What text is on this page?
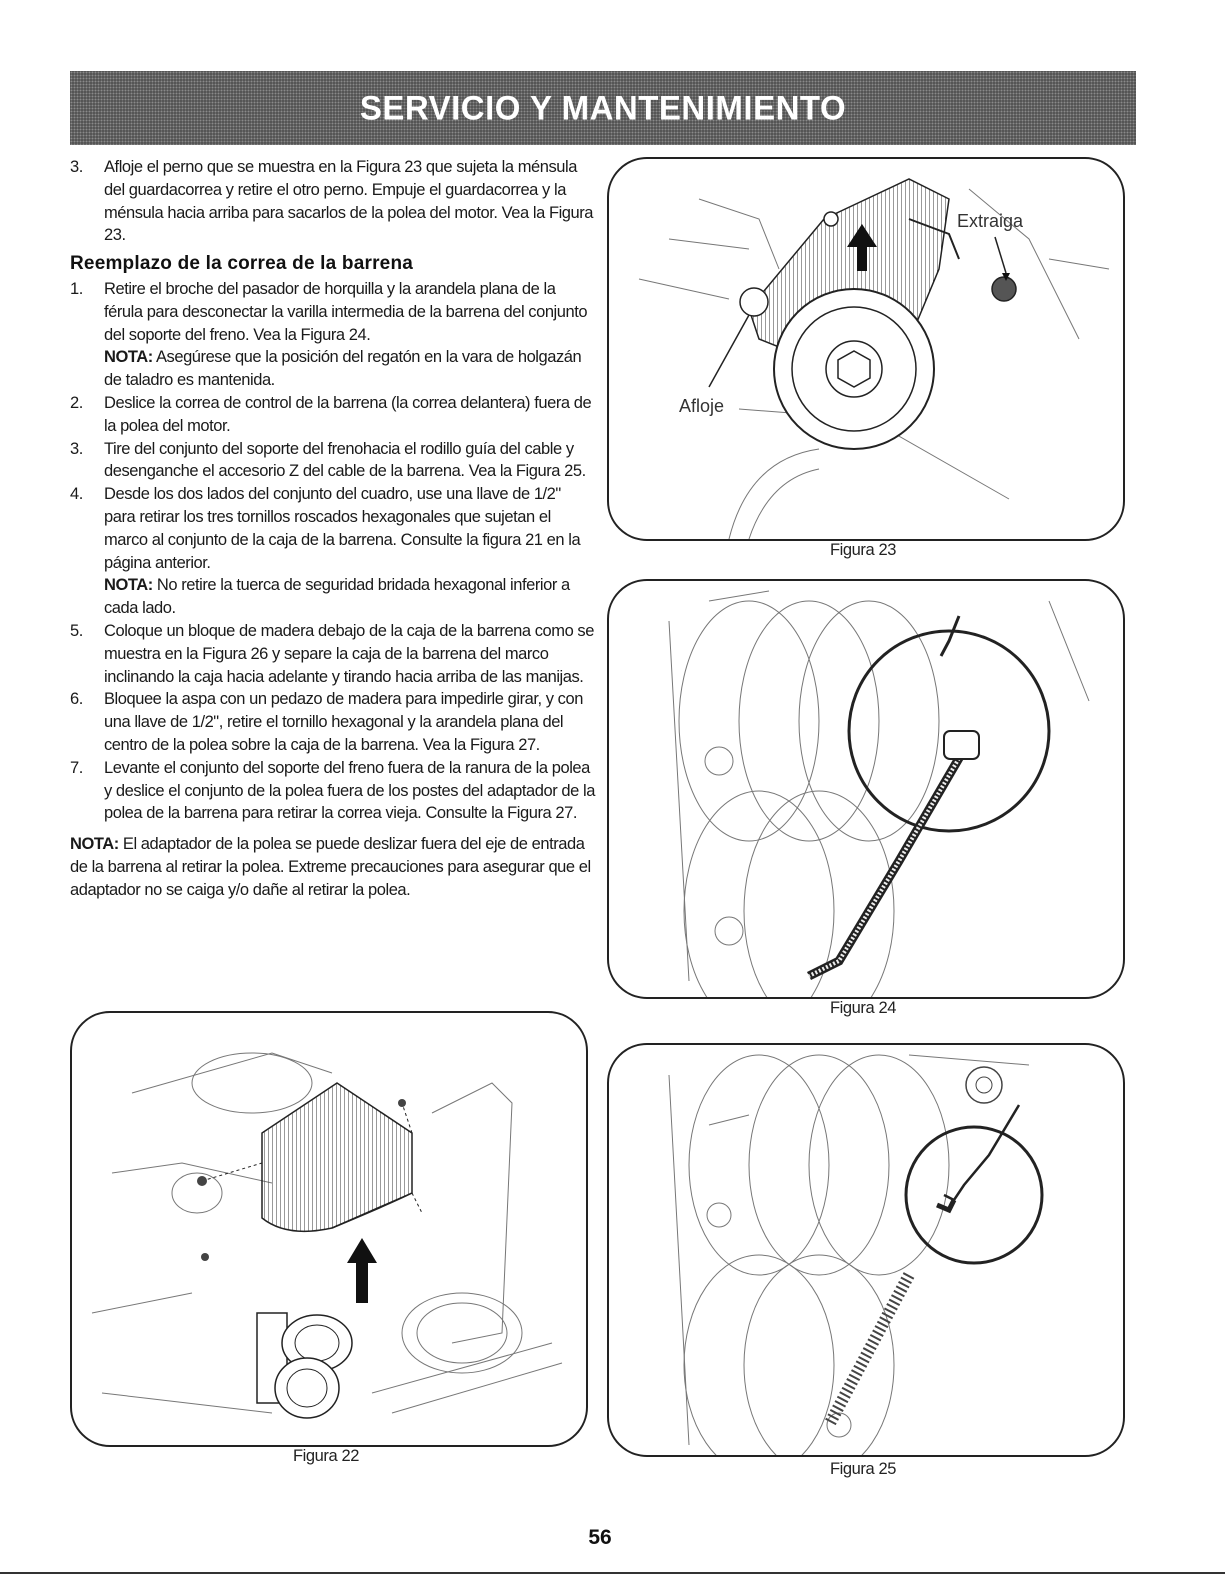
SERVICIO Y MANTENIMIENTO
3.	Afloje el perno que se muestra en la Figura 23 que sujeta la ménsula del guardacorrea y retire el otro perno. Empuje el guardacorrea y la ménsula hacia arriba para sacarlos de la polea del motor. Vea la Figura 23.
Reemplazo de la correa de la barrena
1.	Retire el broche del pasador de horquilla y la arandela plana de la férula para desconectar la varilla intermedia de la barrena del conjunto del soporte del freno. Vea la Figura 24.
NOTA: Asegúrese que la posición del regatón en la vara de holgazán de taladro es mantenida.
2.	Deslice la correa de control de la barrena (la correa delantera) fuera de la polea del motor.
3.	Tire del conjunto del soporte del frenohacia el rodillo guía del cable y desenganche el accesorio Z del cable de la barrena. Vea la Figura 25.
4.	Desde los dos lados del conjunto del cuadro, use una llave de 1/2" para retirar los tres tornillos roscados hexagonales que sujetan el marco al conjunto de la caja de la barrena. Consulte la figura 21 en la página anterior.
NOTA: No retire la tuerca de seguridad bridada hexagonal inferior a cada lado.
5.	Coloque un bloque de madera debajo de la caja de la barrena como se muestra en la Figura 26 y separe la caja de la barrena del marco inclinando la caja hacia adelante y tirando hacia arriba de las manijas.
6.	Bloquee la aspa con un pedazo de madera para impedirle girar, y con una llave de 1/2", retire el tornillo hexagonal y la arandela plana del centro de la polea sobre la caja de la barrena. Vea la Figura 27.
7.	Levante el conjunto del soporte del freno fuera de la ranura de la polea y deslice el conjunto de la polea fuera de los postes del adaptador de la polea de la barrena para retirar la correa vieja. Consulte la Figura 27.
NOTA: El adaptador de la polea se puede deslizar fuera del eje de entrada de la barrena al retirar la polea. Extreme precauciones para asegurar que el adaptador no se caiga y/o dañe al retirar la polea.
Extraiga
Afloje
Figura 23
Figura 24
Figura 22
Figura 25
56
